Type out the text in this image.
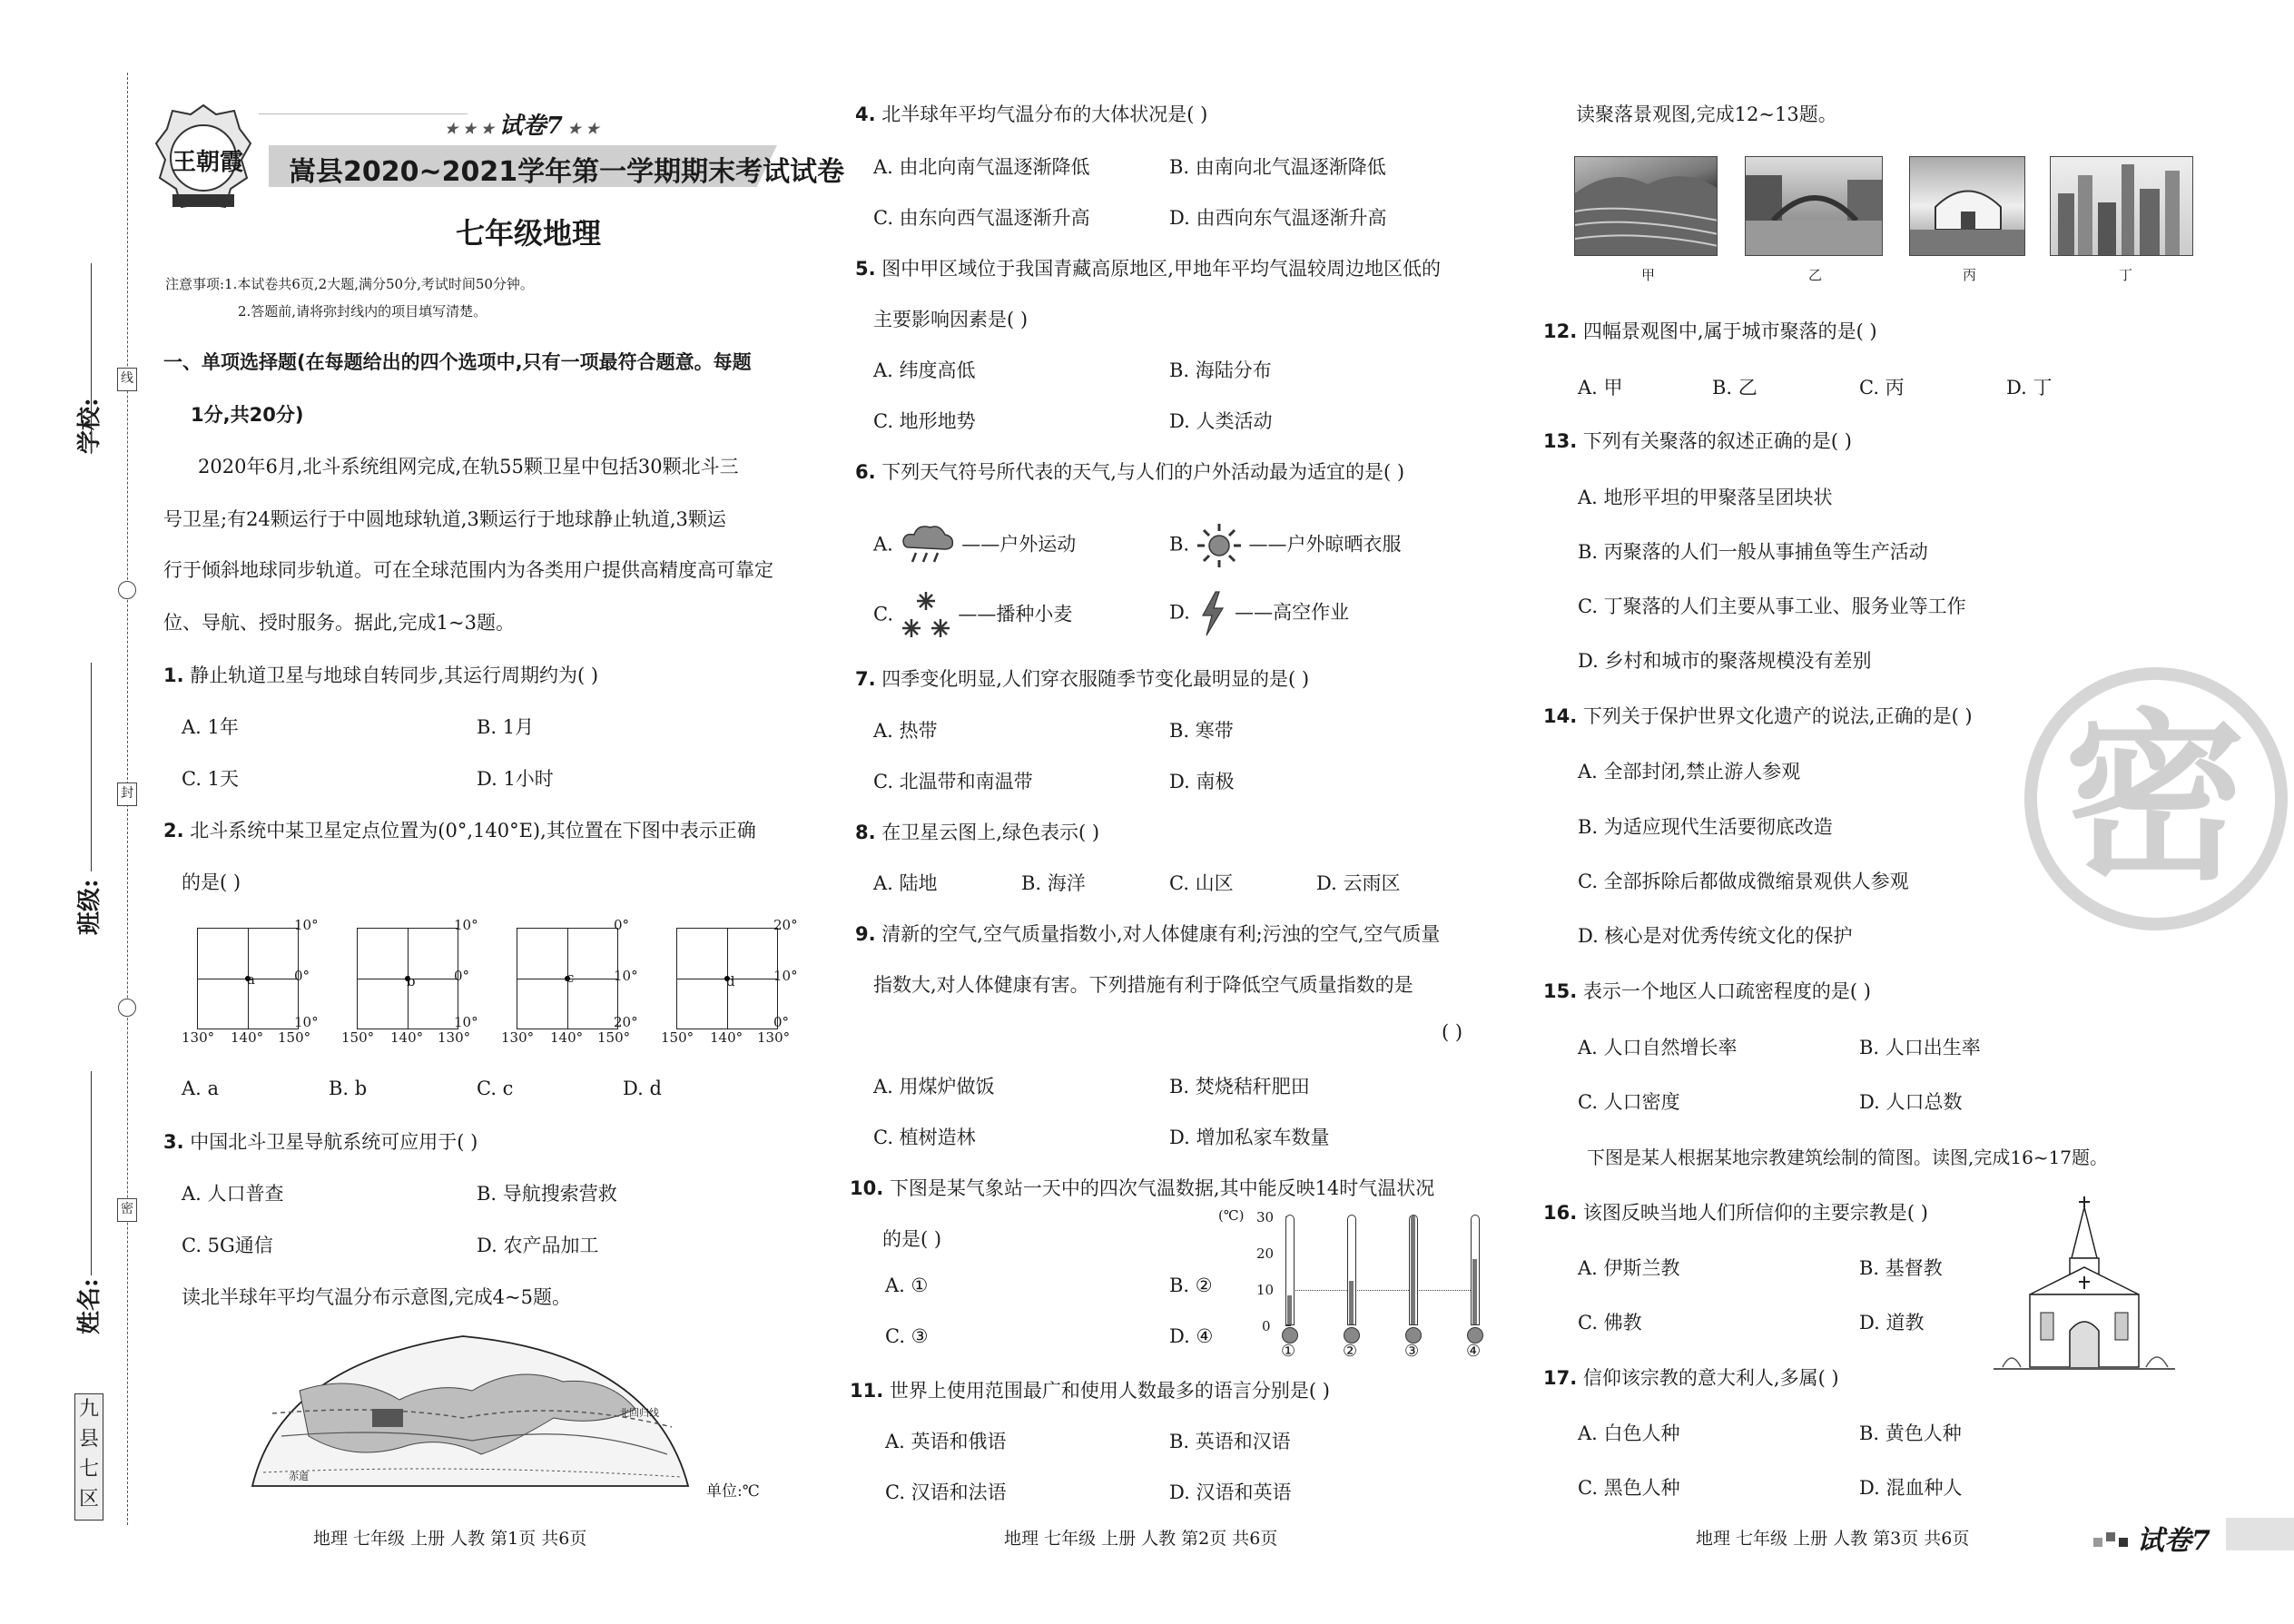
线
封
密
学校:
班级:
姓名:
九
县
七
区
王朝霞
★ ★ ★ 试卷7 ★ ★
嵩县2020~2021学年第一学期期末考试试卷
七年级地理
注意事项:1.本试卷共6页,2大题,满分50分,考试时间50分钟。
2.答题前,请将弥封线内的项目填写清楚。
一、单项选择题(在每题给出的四个选项中,只有一项最符合题意。每题
1分,共20分)
2020年6月,北斗系统组网完成,在轨55颗卫星中包括30颗北斗三
号卫星;有24颗运行于中圆地球轨道,3颗运行于地球静止轨道,3颗运
行于倾斜地球同步轨道。可在全球范围内为各类用户提供高精度高可靠定
位、导航、授时服务。据此,完成1~3题。
1. 静止轨道卫星与地球自转同步,其运行周期约为( )
A. 1年	B. 1月
C. 1天	D. 1小时
2. 北斗系统中某卫星定点位置为(0°,140°E),其位置在下图中表示正确
的是( )
a
10°
0°
10°
130° 140° 150°
b
10°
0°
10°
150° 140° 130°
c
0°
10°
20°
130° 140° 150°
d
20°
10°
0°
150° 140° 130°
A. a	B. b	C. c	D. d
3. 中国北斗卫星导航系统可应用于( )
A. 人口普查	B. 导航搜索营救
C. 5G通信	D. 农产品加工
读北半球年平均气温分布示意图,完成4~5题。
赤道
北回归线
单位:℃
4. 北半球年平均气温分布的大体状况是( )
A. 由北向南气温逐渐降低	B. 由南向北气温逐渐降低
C. 由东向西气温逐渐升高	D. 由西向东气温逐渐升高
5. 图中甲区域位于我国青藏高原地区,甲地年平均气温较周边地区低的
主要影响因素是( )
A. 纬度高低	B. 海陆分布
C. 地形地势	D. 人类活动
6. 下列天气符号所代表的天气,与人们的户外活动最为适宜的是( )
A.	——户外运动	B.	——户外晾晒衣服
C.	——播种小麦	D. ——高空作业
7. 四季变化明显,人们穿衣服随季节变化最明显的是( )
A. 热带	B. 寒带
C. 北温带和南温带	D. 南极
8. 在卫星云图上,绿色表示( )
A. 陆地	B. 海洋	C. 山区	D. 云雨区
9. 清新的空气,空气质量指数小,对人体健康有利;污浊的空气,空气质量
指数大,对人体健康有害。下列措施有利于降低空气质量指数的是
( )
A. 用煤炉做饭	B. 焚烧秸秆肥田
C. 植树造林	D. 增加私家车数量
10. 下图是某气象站一天中的四次气温数据,其中能反映14时气温状况
的是( )
A. ①	B. ②
C. ③	D. ④
(℃) 30
20
10
0
①	②	③	④
11. 世界上使用范围最广和使用人数最多的语言分别是( )
A. 英语和俄语	B. 英语和汉语
C. 汉语和法语	D. 汉语和英语
读聚落景观图,完成12~13题。
甲	乙	丙	丁
12. 四幅景观图中,属于城市聚落的是( )
A. 甲	B. 乙	C. 丙	D. 丁
13. 下列有关聚落的叙述正确的是( )
A. 地形平坦的甲聚落呈团块状
B. 丙聚落的人们一般从事捕鱼等生产活动
C. 丁聚落的人们主要从事工业、服务业等工作
D. 乡村和城市的聚落规模没有差别
14. 下列关于保护世界文化遗产的说法,正确的是( )
A. 全部封闭,禁止游人参观
B. 为适应现代生活要彻底改造
C. 全部拆除后都做成微缩景观供人参观
D. 核心是对优秀传统文化的保护
密
15. 表示一个地区人口疏密程度的是( )
A. 人口自然增长率	B. 人口出生率
C. 人口密度	D. 人口总数
下图是某人根据某地宗教建筑绘制的简图。读图,完成16~17题。
16. 该图反映当地人们所信仰的主要宗教是( )
A. 伊斯兰教	B. 基督教
C. 佛教	D. 道教
17. 信仰该宗教的意大利人,多属( )
A. 白色人种	B. 黄色人种
C. 黑色人种	D. 混血种人
地理 七年级 上册 人教 第1页 共6页	地理 七年级 上册 人教 第2页 共6页	地理 七年级 上册 人教 第3页 共6页	试卷7
